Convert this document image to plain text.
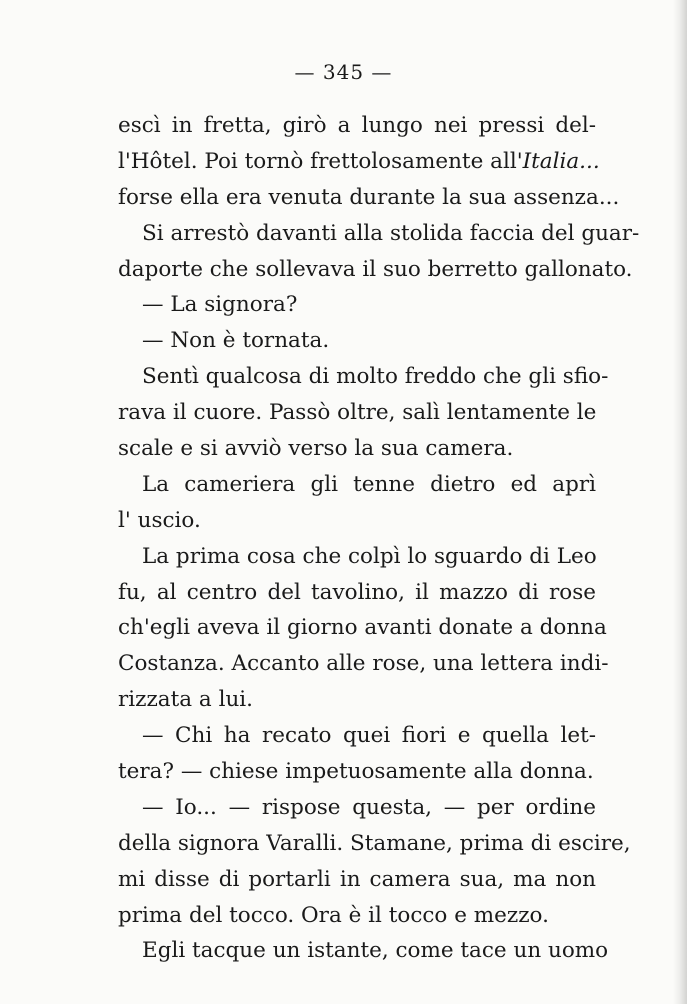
— 345 —
escì in fretta, girò a lungo nei pressi del-
l'Hôtel. Poi tornò frettolosamente all'Italia...
forse ella era venuta durante la sua assenza...
Si arrestò davanti alla stolida faccia del guar-
daporte che sollevava il suo berretto gallonato.
— La signora?
— Non è tornata.
Sentì qualcosa di molto freddo che gli sfio-
rava il cuore. Passò oltre, salì lentamente le
scale e si avviò verso la sua camera.
La cameriera gli tenne dietro ed aprì
l' uscio.
La prima cosa che colpì lo sguardo di Leo
fu, al centro del tavolino, il mazzo di rose
ch'egli aveva il giorno avanti donate a donna
Costanza. Accanto alle rose, una lettera indi-
rizzata a lui.
— Chi ha recato quei fiori e quella let-
tera? — chiese impetuosamente alla donna.
— Io... — rispose questa, — per ordine
della signora Varalli. Stamane, prima di escire,
mi disse di portarli in camera sua, ma non
prima del tocco. Ora è il tocco e mezzo.
Egli tacque un istante, come tace un uomo
